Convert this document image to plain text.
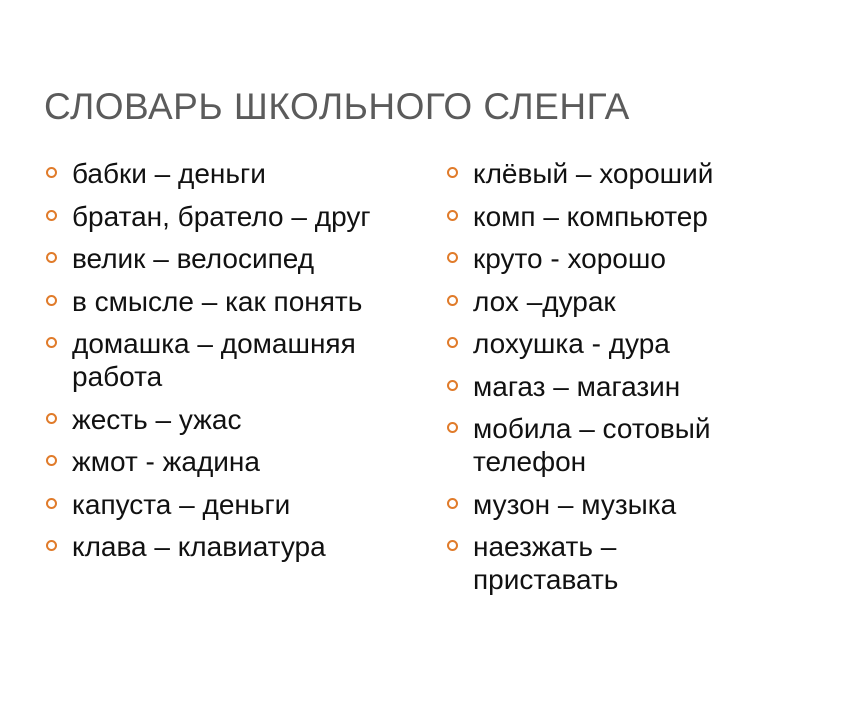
СЛОВАРЬ ШКОЛЬНОГО СЛЕНГА
бабки – деньги
братан, братело – друг
велик – велосипед
в смысле – как понять
домашка – домашняя работа
жесть – ужас
жмот - жадина
капуста – деньги
клава – клавиатура
клёвый – хороший
комп – компьютер
круто - хорошо
лох –дурак
лохушка - дура
магаз – магазин
мобила – сотовый телефон
музон – музыка
наезжать – приставать
